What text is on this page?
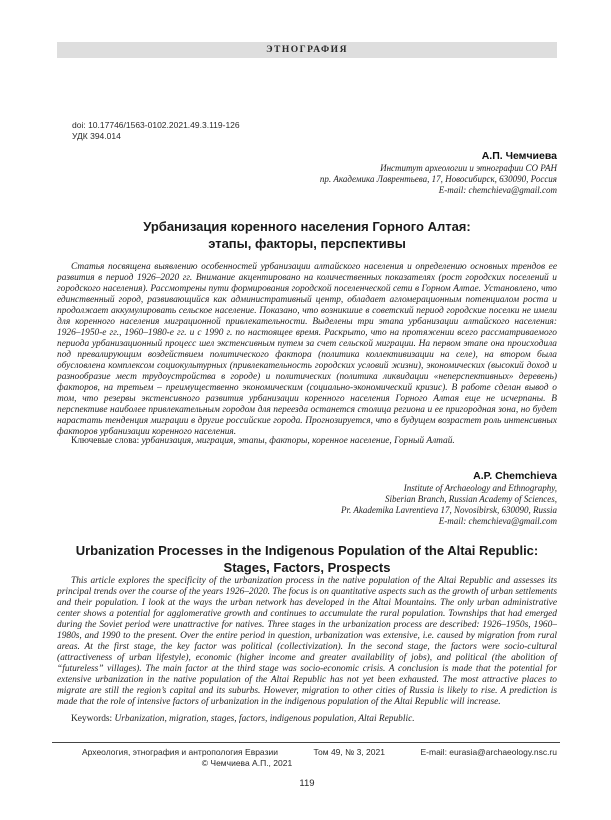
ЭТНОГРАФИЯ
doi: 10.17746/1563-0102.2021.49.3.119-126
УДК 394.014
А.П. Чемчиева
Институт археологии и этнографии СО РАН
пр. Академика Лаврентьева, 17, Новосибирск, 630090, Россия
E-mail: chemchieva@gmail.com
Урбанизация коренного населения Горного Алтая:
этапы, факторы, перспективы
Статья посвящена выявлению особенностей урбанизации алтайского населения и определению основных трендов ее развития в период 1926–2020 гг. Внимание акцентировано на количественных показателях (рост городских поселений и городского населения). Рассмотрены пути формирования городской поселенческой сети в Горном Алтае. Установлено, что единственный город, развивающийся как административный центр, обладает агломерационным потенциалом роста и продолжает аккумулировать сельское население. Показано, что возникшие в советский период городские поселки не имели для коренного населения миграционной привлекательности. Выделены три этапа урбанизации алтайского населения: 1926–1950-е гг., 1960–1980-е гг. и с 1990 г. по настоящее время. Раскрыто, что на протяжении всего рассматриваемого периода урбанизационный процесс шел экстенсивным путем за счет сельской миграции. На первом этапе она происходила под превалирующим воздействием политического фактора (политика коллективизации на селе), на втором была обусловлена комплексом социокультурных (привлекательность городских условий жизни), экономических (высокий доход и разнообразие мест трудоустройства в городе) и политических (политика ликвидации «неперспективных» деревень) факторов, на третьем – преимущественно экономическим (социально-экономический кризис). В работе сделан вывод о том, что резервы экстенсивного развития урбанизации коренного населения Горного Алтая еще не исчерпаны. В перспективе наиболее привлекательным городом для переезда останется столица региона и ее пригородная зона, но будет нарастать тенденция миграции в другие российские города. Прогнозируется, что в будущем возрастет роль интенсивных факторов урбанизации коренного населения.
Ключевые слова: урбанизация, миграция, этапы, факторы, коренное население, Горный Алтай.
A.P. Chemchieva
Institute of Archaeology and Ethnography,
Siberian Branch, Russian Academy of Sciences,
Pr. Akademika Lavrentieva 17, Novosibirsk, 630090, Russia
E-mail: chemchieva@gmail.com
Urbanization Processes in the Indigenous Population of the Altai Republic:
Stages, Factors, Prospects
This article explores the specificity of the urbanization process in the native population of the Altai Republic and assesses its principal trends over the course of the years 1926–2020. The focus is on quantitative aspects such as the growth of urban settlements and their population. I look at the ways the urban network has developed in the Altai Mountains. The only urban administrative center shows a potential for agglomerative growth and continues to accumulate the rural population. Townships that had emerged during the Soviet period were unattractive for natives. Three stages in the urbanization process are described: 1926–1950s, 1960–1980s, and 1990 to the present. Over the entire period in question, urbanization was extensive, i.e. caused by migration from rural areas. At the first stage, the key factor was political (collectivization). In the second stage, the factors were socio-cultural (attractiveness of urban lifestyle), economic (higher income and greater availability of jobs), and political (the abolition of “futureless” villages). The main factor at the third stage was socio-economic crisis. A conclusion is made that the potential for extensive urbanization in the native population of the Altai Republic has not yet been exhausted. The most attractive places to migrate are still the region’s capital and its suburbs. However, migration to other cities of Russia is likely to rise. A prediction is made that the role of intensive factors of urbanization in the indigenous population of the Altai Republic will increase.
Keywords: Urbanization, migration, stages, factors, indigenous population, Altai Republic.
Археология, этнография и антропология Евразии	Том 49, № 3, 2021	E-mail: eurasia@archaeology.nsc.ru
© Чемчиева А.П., 2021
119
